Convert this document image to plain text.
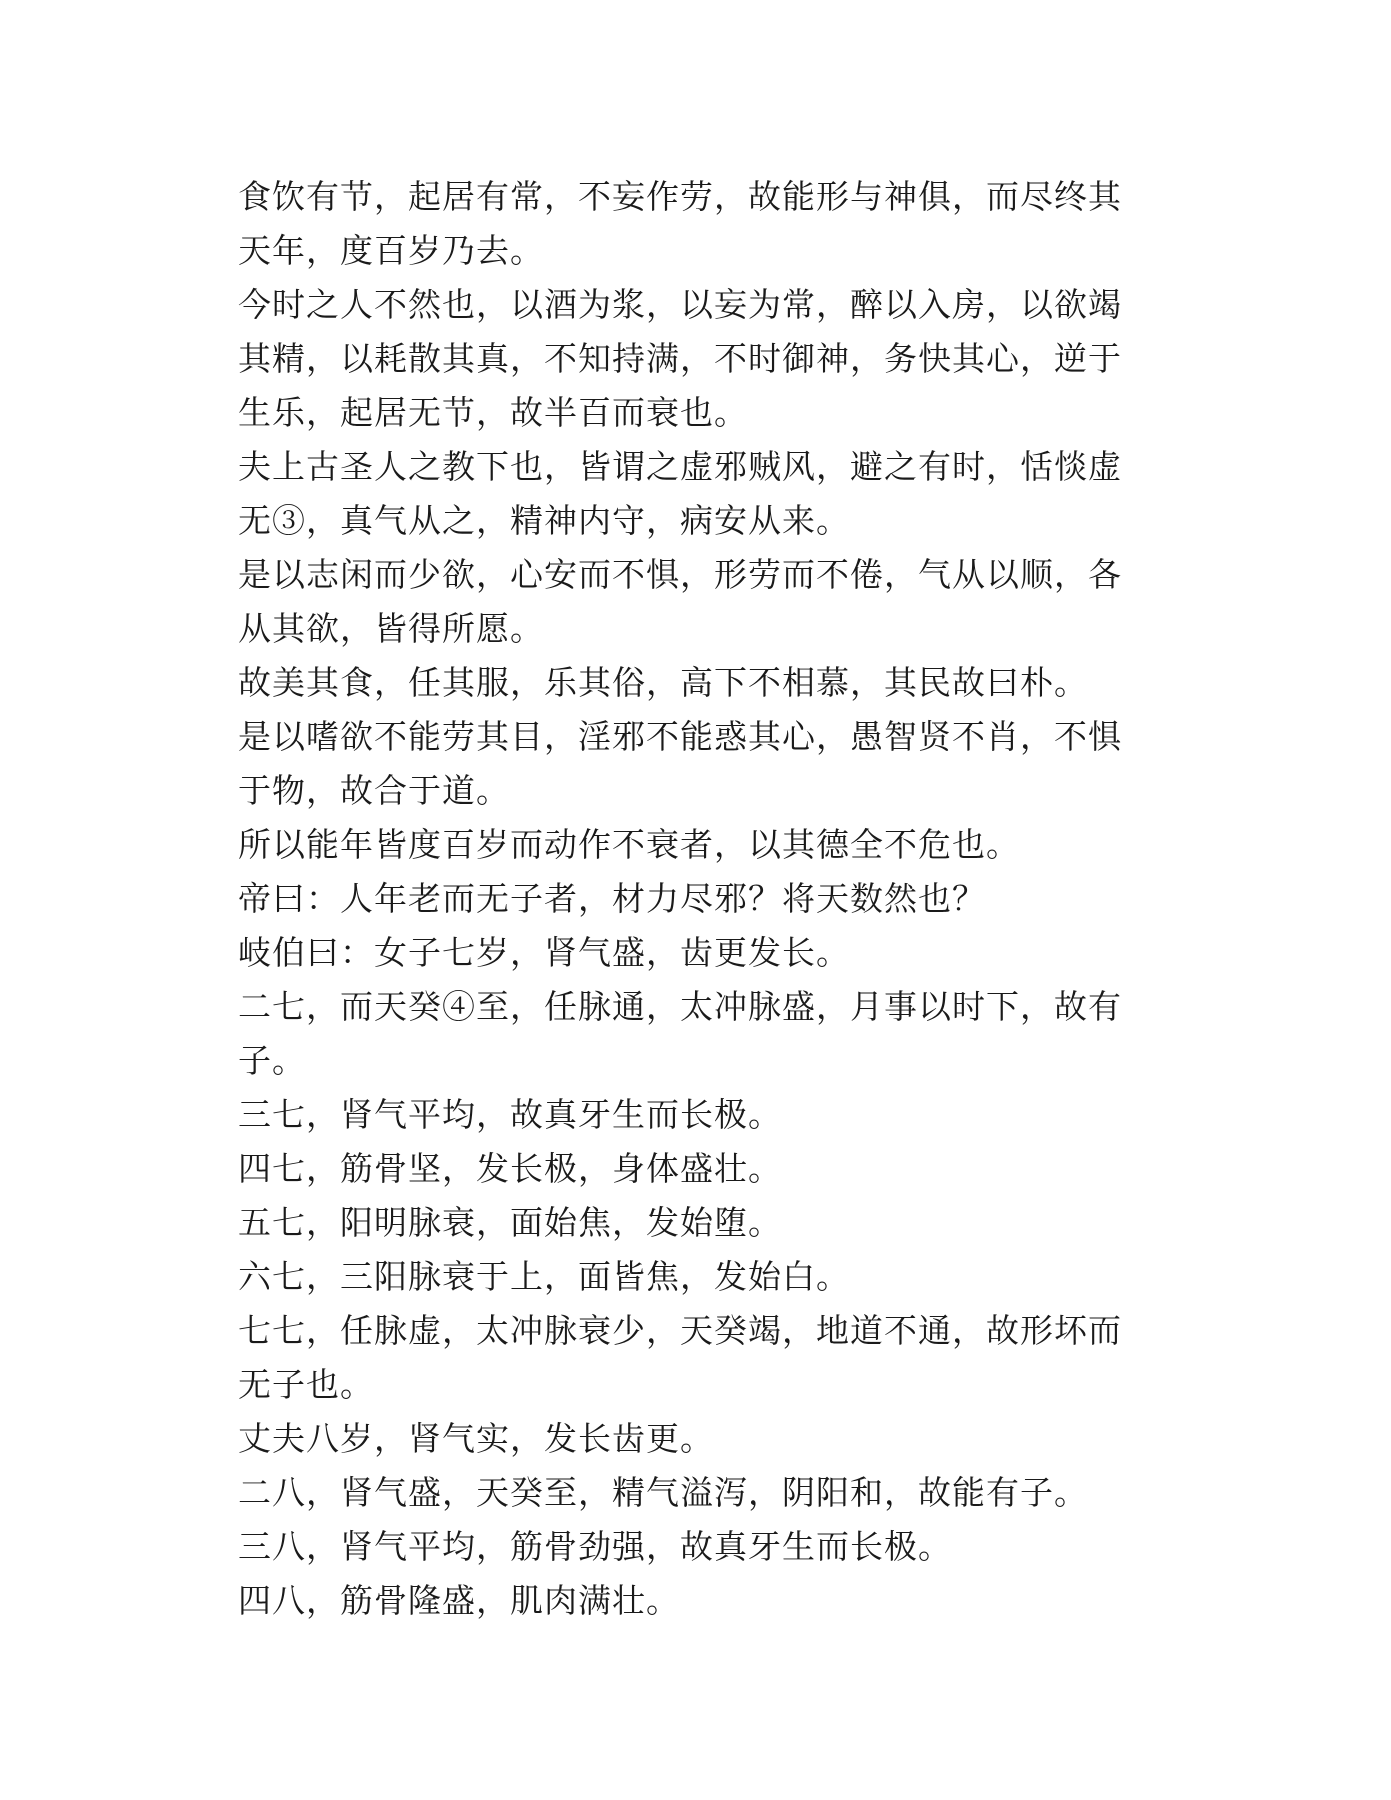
食饮有节，起居有常，不妄作劳，故能形与神俱，而尽终其天年，度百岁乃去。

今时之人不然也，以酒为浆，以妄为常，醉以入房，以欲竭其精，以耗散其真，不知持满，不时御神，务快其心，逆于生乐，起居无节，故半百而衰也。

夫上古圣人之教下也，皆谓之虚邪贼风，避之有时，恬惔虚无③，真气从之，精神内守，病安从来。

是以志闲而少欲，心安而不惧，形劳而不倦，气从以顺，各从其欲，皆得所愿。

故美其食，任其服，乐其俗，高下不相慕，其民故曰朴。

是以嗜欲不能劳其目，淫邪不能惑其心，愚智贤不肖，不惧于物，故合于道。

所以能年皆度百岁而动作不衰者，以其德全不危也。

帝曰：人年老而无子者，材力尽邪？将天数然也？

岐伯曰：女子七岁，肾气盛，齿更发长。

二七，而天癸④至，任脉通，太冲脉盛，月事以时下，故有子。

三七，肾气平均，故真牙生而长极。

四七，筋骨坚，发长极，身体盛壮。

五七，阳明脉衰，面始焦，发始堕。

六七，三阳脉衰于上，面皆焦，发始白。

七七，任脉虚，太冲脉衰少，天癸竭，地道不通，故形坏而无子也。

丈夫八岁，肾气实，发长齿更。

二八，肾气盛，天癸至，精气溢泻，阴阳和，故能有子。

三八，肾气平均，筋骨劲强，故真牙生而长极。

四八，筋骨隆盛，肌肉满壮。
